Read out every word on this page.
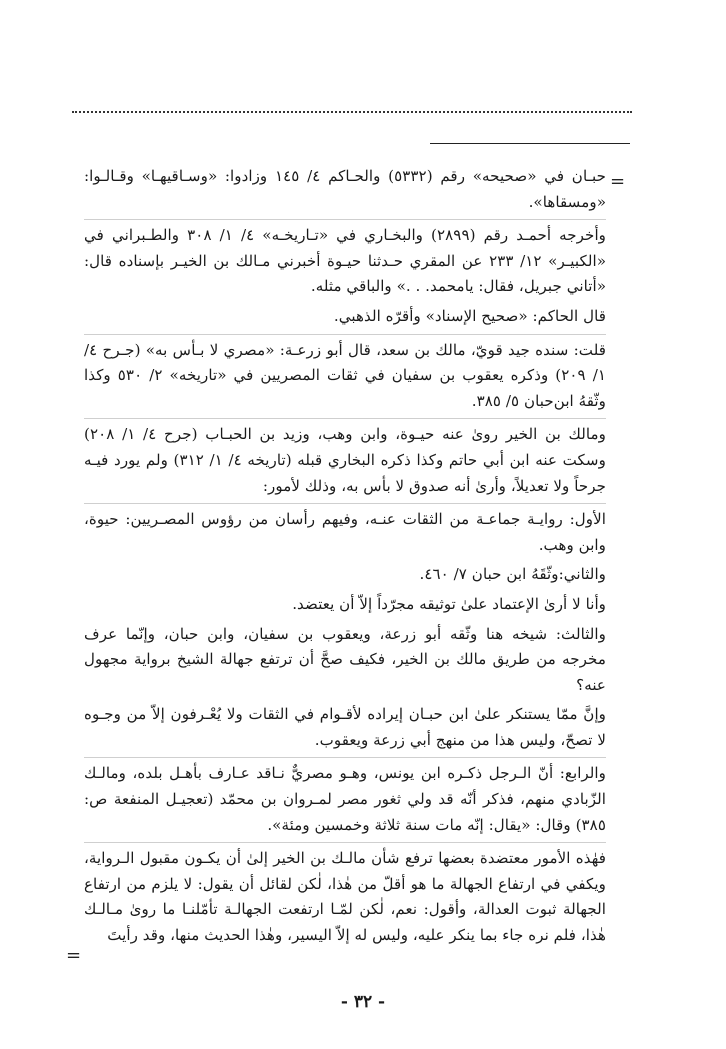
=

حبـان في «صحيحه» رقم (٥٣٣٢) والحـاكم ٤/ ١٤٥ وزادوا: «وسـاقيهـا» وقـالـوا: «ومسقاها».

وأخرجه أحمـد رقم (٢٨٩٩) والبخـاري في «تـاريخـه» ٤/ ١/ ٣٠٨ والطـبراني في «الكبيـر» ١٢/ ٢٣٣ عن المقري حـدثنا حيـوة أخبرني مـالك بن الخيـر بإسناده قال: «أتاني جبريل، فقال: يامحمد. . .» والباقي مثله.

قال الحاكم: «صحيح الإسناد» وأقرّه الذهبي.

قلت: سنده جيد قويّ، مالك بن سعد، قال أبو زرعـة: «مصري لا بـأس به» (جـرح ٤/ ١/ ٢٠٩) وذكره يعقوب بن سفيان في ثقات المصريين في «تاريخه» ٢/ ٥٣٠ وكذا وثّقهُ ابن‌حبان ٥/ ٣٨٥.

ومالك بن الخير روىٰ عنه حيـوة، وابن وهب، وزيد بن الحبـاب (جرح ٤/ ١/ ٢٠٨) وسكت عنه ابن أبي حاتم وكذا ذكره البخاري قبله (تاريخه ٤/ ١/ ٣١٢) ولم يورد فيـه جرحاً ولا تعديلاً، وأرىٰ أنه صدوق لا بأس به، وذلك لأمور:

الأول: روايـة جماعـة من الثقات عنـه، وفيهم رأسان من رؤوس المصـريين: حيوة، وابن وهب.

والثاني:وثّقَهُ ابن حبان ٧/ ٤٦٠.

وأنا لا أرىٰ الإعتماد علىٰ توثيقه مجرّداً إلاّ أن يعتضد.

والثالث: شيخه هنا وثّقه أبو زرعة، ويعقوب بن سفيان، وابن حبان، وإنّما عرف مخرجه من طريق مالك بن الخير، فكيف صحَّ أن ترتفع جهالة الشيخ برواية مجهول عنه؟

وإنَّ ممّا يستنكر علىٰ ابن حبـان إيراده لأقـوام في الثقات ولا يُعْـرفون إلاّ من وجـوه لا تصحّ، وليس هذا من منهج أبي زرعة ويعقوب.

والرابع: أنّ الـرجل ذكـره ابن يونس، وهـو مصريٌّ نـاقد عـارف بأهـل بلده، ومالـك الزّبادي منهم، فذكر أنّه قد ولي ثغور مصر لمـروان بن محمّد (تعجيـل المنفعة ص: ٣٨٥) وقال: «يقال: إنّه مات سنة ثلاثة وخمسين ومئة».

فهٰذه الأمور معتضدة بعضها ترفع شأن مالـك بن الخير إلىٰ أن يكـون مقبول الـرواية، ويكفي في ارتفاع الجهالة ما هو أقلّ من هٰذا، لٰكن لقائل أن يقول: لا يلزم من ارتفاع الجهالة ثبوت العدالة، وأقول: نعم، لٰكن لمّـا ارتفعت الجهالـة تأمّلنـا ما روىٰ مـالـك هٰذا، فلم نره جاء بما ينكر عليه، وليس له إلاّ اليسير، وهٰذا الحديث منها، وقد رأيتَ

=
- ٣٢ -
